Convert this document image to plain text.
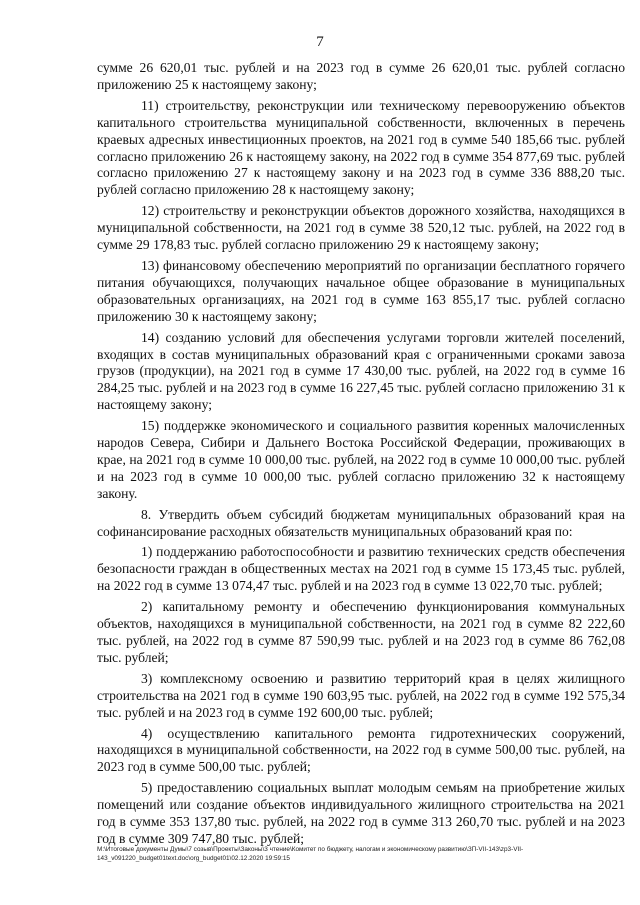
7

сумме 26 620,01 тыс. рублей и на 2023 год в сумме 26 620,01 тыс. рублей согласно приложению 25 к настоящему закону;

11) строительству, реконструкции или техническому перевооружению объектов капитального строительства муниципальной собственности, включенных в перечень краевых адресных инвестиционных проектов, на 2021 год в сумме 540 185,66 тыс. рублей согласно приложению 26 к настоящему закону, на 2022 год в сумме 354 877,69 тыс. рублей согласно приложению 27 к настоящему закону и на 2023 год в сумме 336 888,20 тыс. рублей согласно приложению 28 к настоящему закону;

12) строительству и реконструкции объектов дорожного хозяйства, находящихся в муниципальной собственности, на 2021 год в сумме 38 520,12 тыс. рублей, на 2022 год в сумме 29 178,83 тыс. рублей согласно приложению 29 к настоящему закону;

13) финансовому обеспечению мероприятий по организации бесплатного горячего питания обучающихся, получающих начальное общее образование в муниципальных образовательных организациях, на 2021 год в сумме 163 855,17 тыс. рублей согласно приложению 30 к настоящему закону;

14) созданию условий для обеспечения услугами торговли жителей поселений, входящих в состав муниципальных образований края с ограниченными сроками завоза грузов (продукции), на 2021 год в сумме 17 430,00 тыс. рублей, на 2022 год в сумме 16 284,25 тыс. рублей и на 2023 год в сумме 16 227,45 тыс. рублей согласно приложению 31 к настоящему закону;

15) поддержке экономического и социального развития коренных малочисленных народов Севера, Сибири и Дальнего Востока Российской Федерации, проживающих в крае, на 2021 год в сумме 10 000,00 тыс. рублей, на 2022 год в сумме 10 000,00 тыс. рублей и на 2023 год в сумме 10 000,00 тыс. рублей согласно приложению 32 к настоящему закону.

8. Утвердить объем субсидий бюджетам муниципальных образований края на софинансирование расходных обязательств муниципальных образований края по:

1) поддержанию работоспособности и развитию технических средств обеспечения безопасности граждан в общественных местах на 2021 год в сумме 15 173,45 тыс. рублей, на 2022 год в сумме 13 074,47 тыс. рублей и на 2023 год в сумме 13 022,70 тыс. рублей;

2) капитальному ремонту и обеспечению функционирования коммунальных объектов, находящихся в муниципальной собственности, на 2021 год в сумме 82 222,60 тыс. рублей, на 2022 год в сумме 87 590,99 тыс. рублей и на 2023 год в сумме 86 762,08 тыс. рублей;

3) комплексному освоению и развитию территорий края в целях жилищного строительства на 2021 год в сумме 190 603,95 тыс. рублей, на 2022 год в сумме 192 575,34 тыс. рублей и на 2023 год в сумме 192 600,00 тыс. рублей;

4) осуществлению капитального ремонта гидротехнических сооружений, находящихся в муниципальной собственности, на 2022 год в сумме 500,00 тыс. рублей, на 2023 год в сумме 500,00 тыс. рублей;

5) предоставлению социальных выплат молодым семьям на приобретение жилых помещений или создание объектов индивидуального жилищного строительства на 2021 год в сумме 353 137,80 тыс. рублей, на 2022 год в сумме 313 260,70 тыс. рублей и на 2023 год в сумме 309 747,80 тыс. рублей;

M:\Итоговые документы Думы\7 созыв\Проекты\Законы\3 чтение\Комитет по бюджету, налогам и экономическому развитию\ЗП-VII-143\zp3-VII-
143_v091220_budget01text.doc\org_budget01\02.12.2020 19:59:15
